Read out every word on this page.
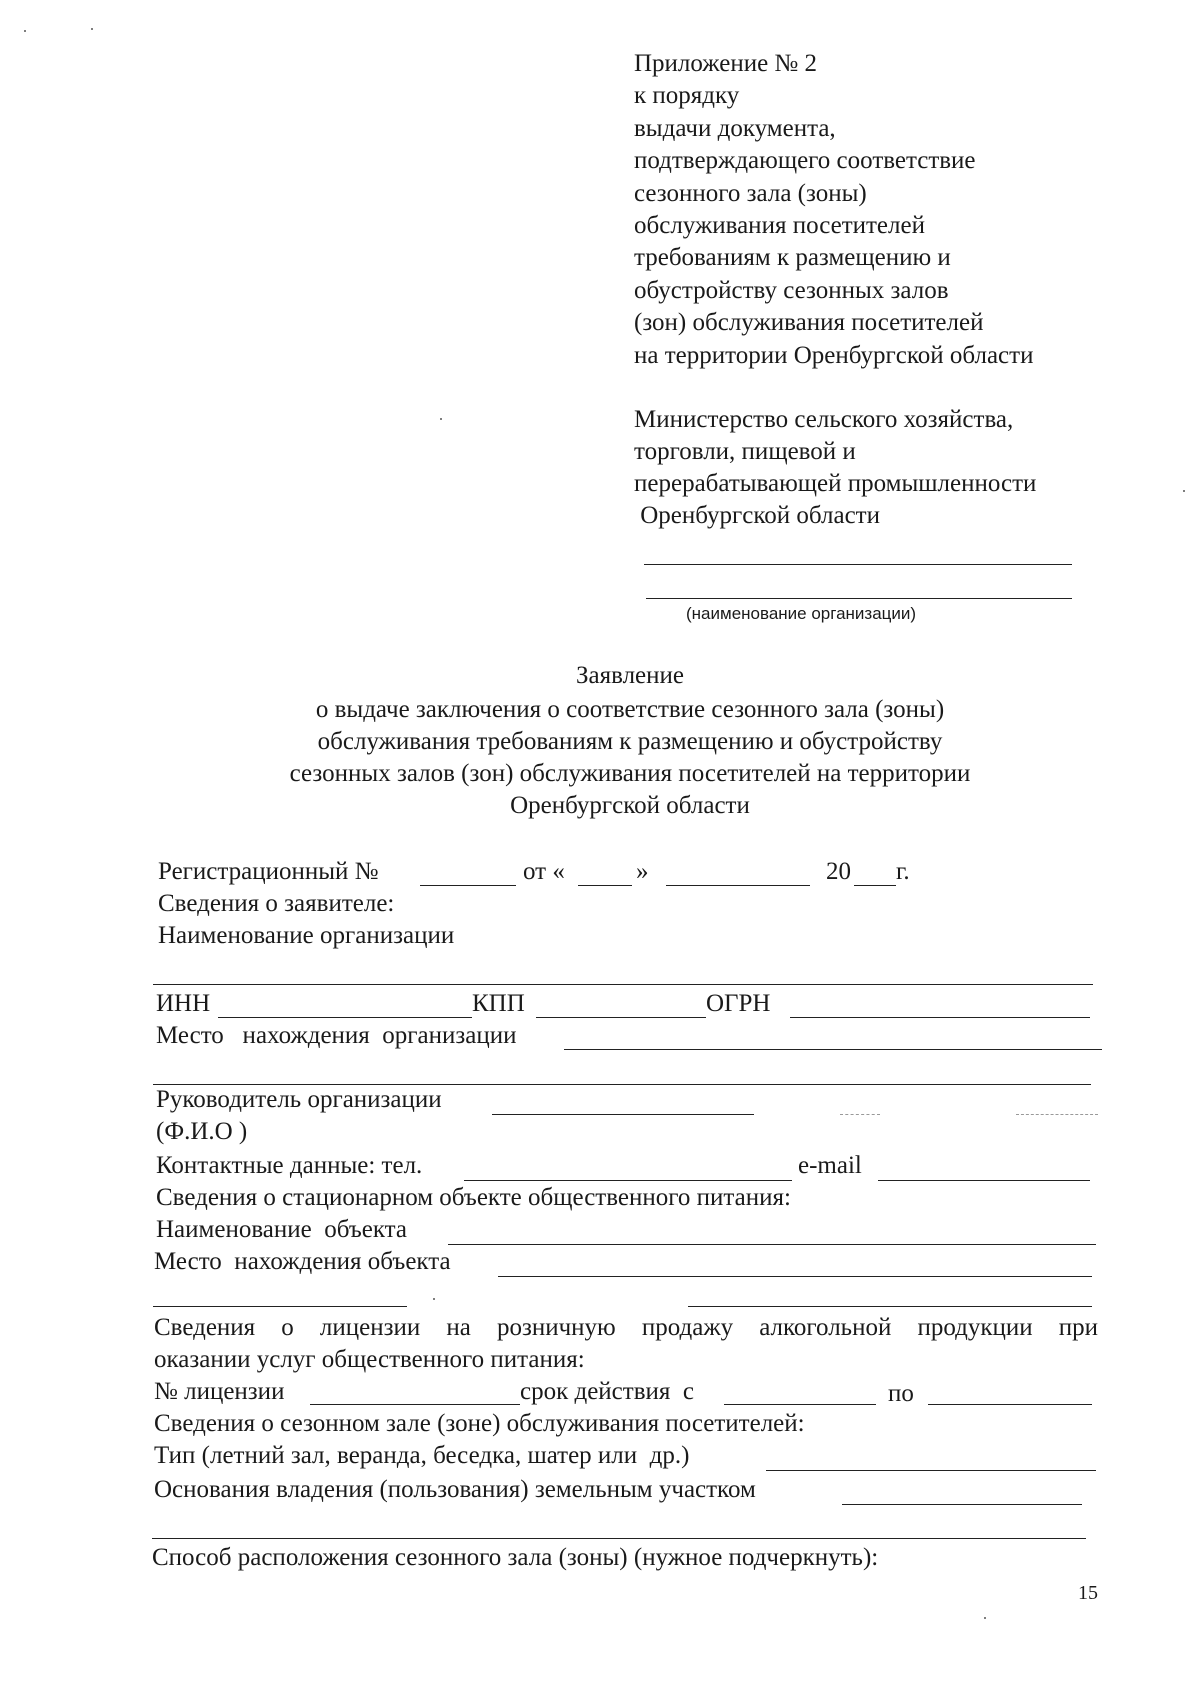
Приложение № 2
к порядку
выдачи документа,
подтверждающего соответствие
сезонного зала (зоны)
обслуживания посетителей
требованиям к размещению и
обустройству сезонных залов
(зон) обслуживания посетителей
на территории Оренбургской области
Министерство сельского хозяйства,
торговли, пищевой и
перерабатывающей промышленности
Оренбургской области
(наименование организации)
Заявление
о выдаче заключения о соответствие сезонного зала (зоны)
обслуживания требованиям к размещению и обустройству
сезонных залов (зон) обслуживания посетителей на территории
Оренбургской области
Регистрационный №	от «	»	20 г.
Сведения о заявителе:
Наименование организации
ИНН	КПП	ОГРН
Место   нахождения  организации
Руководитель организации
(Ф.И.О )
Контактные данные: тел.	e-mail
Сведения о стационарном объекте общественного питания:
Наименование  объекта
Место  нахождения объекта
Сведения о лицензии на розничную продажу алкогольной продукции при
оказании услуг общественного питания:
№ лицензии	срок действия  с	по
Сведения о сезонном зале (зоне) обслуживания посетителей:
Тип (летний зал, веранда, беседка, шатер или  др.)
Основания владения (пользования) земельным участком
Способ расположения сезонного зала (зоны) (нужное подчеркнуть):
15
